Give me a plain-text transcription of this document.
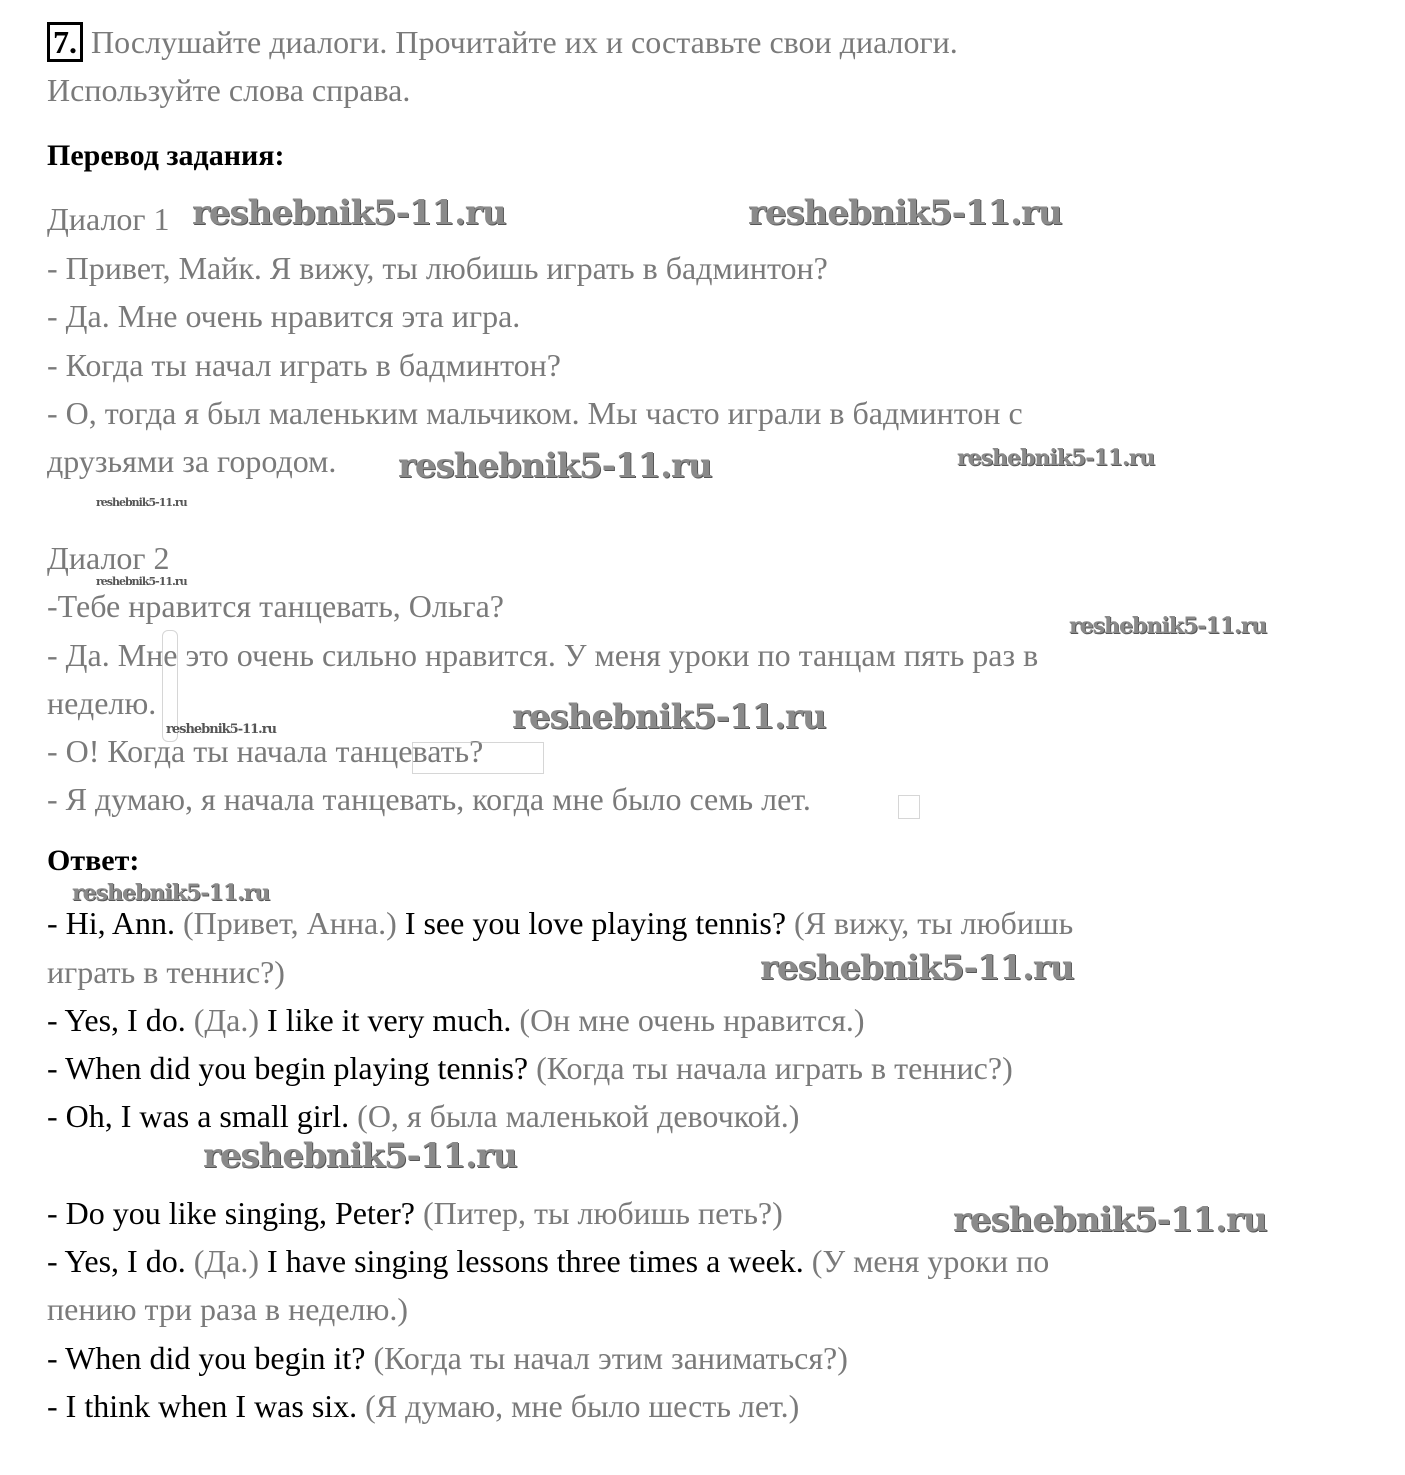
7. Послушайте диалоги. Прочитайте их и составьте свои диалоги.
Используйте слова справа.
Перевод задания:
Диалог 1
- Привет, Майк. Я вижу, ты любишь играть в бадминтон?
- Да. Мне очень нравится эта игра.
- Когда ты начал играть в бадминтон?
- О, тогда я был маленьким мальчиком. Мы часто играли в бадминтон с
друзьями за городом.
Диалог 2
-Тебе нравится танцевать, Ольга?
- Да. Мне это очень сильно нравится. У меня уроки по танцам пять раз в
неделю.
- О! Когда ты начала танцевать?
- Я думаю, я начала танцевать, когда мне было семь лет.
Ответ:
- Hi, Ann. (Привет, Анна.) I see you love playing tennis? (Я вижу, ты любишь
играть в теннис?)
- Yes, I do. (Да.) I like it very much. (Он мне очень нравится.)
- When did you begin playing tennis? (Когда ты начала играть в теннис?)
- Oh, I was a small girl. (О, я была маленькой девочкой.)
- Do you like singing, Peter? (Питер, ты любишь петь?)
- Yes, I do. (Да.) I have singing lessons three times a week. (У меня уроки по
пению три раза в неделю.)
- When did you begin it? (Когда ты начал этим заниматься?)
- I think when I was six. (Я думаю, мне было шесть лет.)
reshebnik5-11.ru	reshebnik5-11.ru
reshebnik5-11.ru	reshebnik5-11.ru
reshebnik5-11.ru
reshebnik5-11.ru
reshebnik5-11.ru
reshebnik5-11.ru	reshebnik5-11.ru
reshebnik5-11.ru
reshebnik5-11.ru
reshebnik5-11.ru
reshebnik5-11.ru
